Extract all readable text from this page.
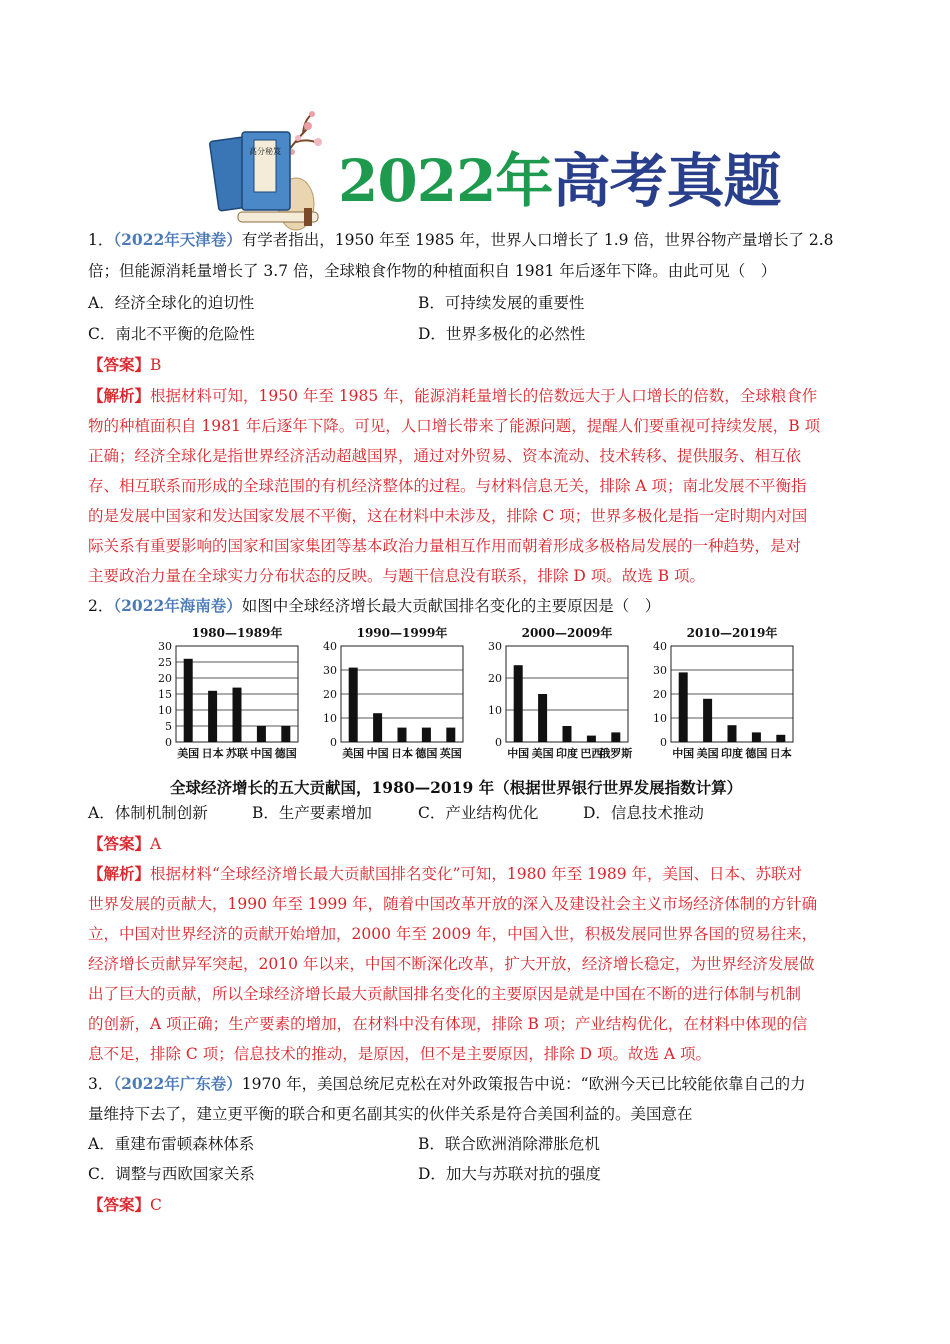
高分秘笈 2022年高考真题
1．（2022年天津卷）有学者指出，1950 年至 1985 年，世界人口增长了 1.9 倍，世界谷物产量增长了 2.8
倍；但能源消耗量增长了 3.7 倍，全球粮食作物的种植面积自 1981 年后逐年下降。由此可见（　）
A．经济全球化的迫切性	B．可持续发展的重要性
C．南北不平衡的危险性	D．世界多极化的必然性
【答案】B
【解析】根据材料可知，1950 年至 1985 年，能源消耗量增长的倍数远大于人口增长的倍数，全球粮食作
物的种植面积自 1981 年后逐年下降。可见，人口增长带来了能源问题，提醒人们要重视可持续发展，B 项
正确；经济全球化是指世界经济活动超越国界，通过对外贸易、资本流动、技术转移、提供服务、相互依
存、相互联系而形成的全球范围的有机经济整体的过程。与材料信息无关，排除 A 项；南北发展不平衡指
的是发展中国家和发达国家发展不平衡，这在材料中未涉及，排除 C 项；世界多极化是指一定时期内对国
际关系有重要影响的国家和国家集团等基本政治力量相互作用而朝着形成多极格局发展的一种趋势，是对
主要政治力量在全球实力分布状态的反映。与题干信息没有联系，排除 D 项。故选 B 项。
2．（2022年海南卷）如图中全球经济增长最大贡献国排名变化的主要原因是（　）
1980—1989年
0
5
10
15
20
25
30
美国 日本 苏联 中国 德国
1990—1999年
0
10
20
30
40
美国 中国 日本 德国 英国
2000—2009年
0
10
20
30
中国 美国 印度 巴西
俄罗斯
2010—2019年
0
10
20
30
40
中国 美国 印度 德国 日本
全球经济增长的五大贡献国，1980—2019 年（根据世界银行世界发展指数计算）
A．体制机制创新	B．生产要素增加	C．产业结构优化	D．信息技术推动
【答案】A
【解析】根据材料“全球经济增长最大贡献国排名变化”可知，1980 年至 1989 年，美国、日本、苏联对
世界发展的贡献大，1990 年至 1999 年，随着中国改革开放的深入及建设社会主义市场经济体制的方针确
立，中国对世界经济的贡献开始增加，2000 年至 2009 年，中国入世，积极发展同世界各国的贸易往来，
经济增长贡献异军突起，2010 年以来，中国不断深化改革，扩大开放，经济增长稳定，为世界经济发展做
出了巨大的贡献，所以全球经济增长最大贡献国排名变化的主要原因是就是中国在不断的进行体制与机制
的创新，A 项正确；生产要素的增加，在材料中没有体现，排除 B 项；产业结构优化，在材料中体现的信
息不足，排除 C 项；信息技术的推动，是原因，但不是主要原因，排除 D 项。故选 A 项。
3．（2022年广东卷）1970 年，美国总统尼克松在对外政策报告中说：“欧洲今天已比较能依靠自己的力
量维持下去了，建立更平衡的联合和更名副其实的伙伴关系是符合美国利益的。美国意在
A．重建布雷顿森林体系	B．联合欧洲消除滞胀危机
C．调整与西欧国家关系	D．加大与苏联对抗的强度
【答案】C
